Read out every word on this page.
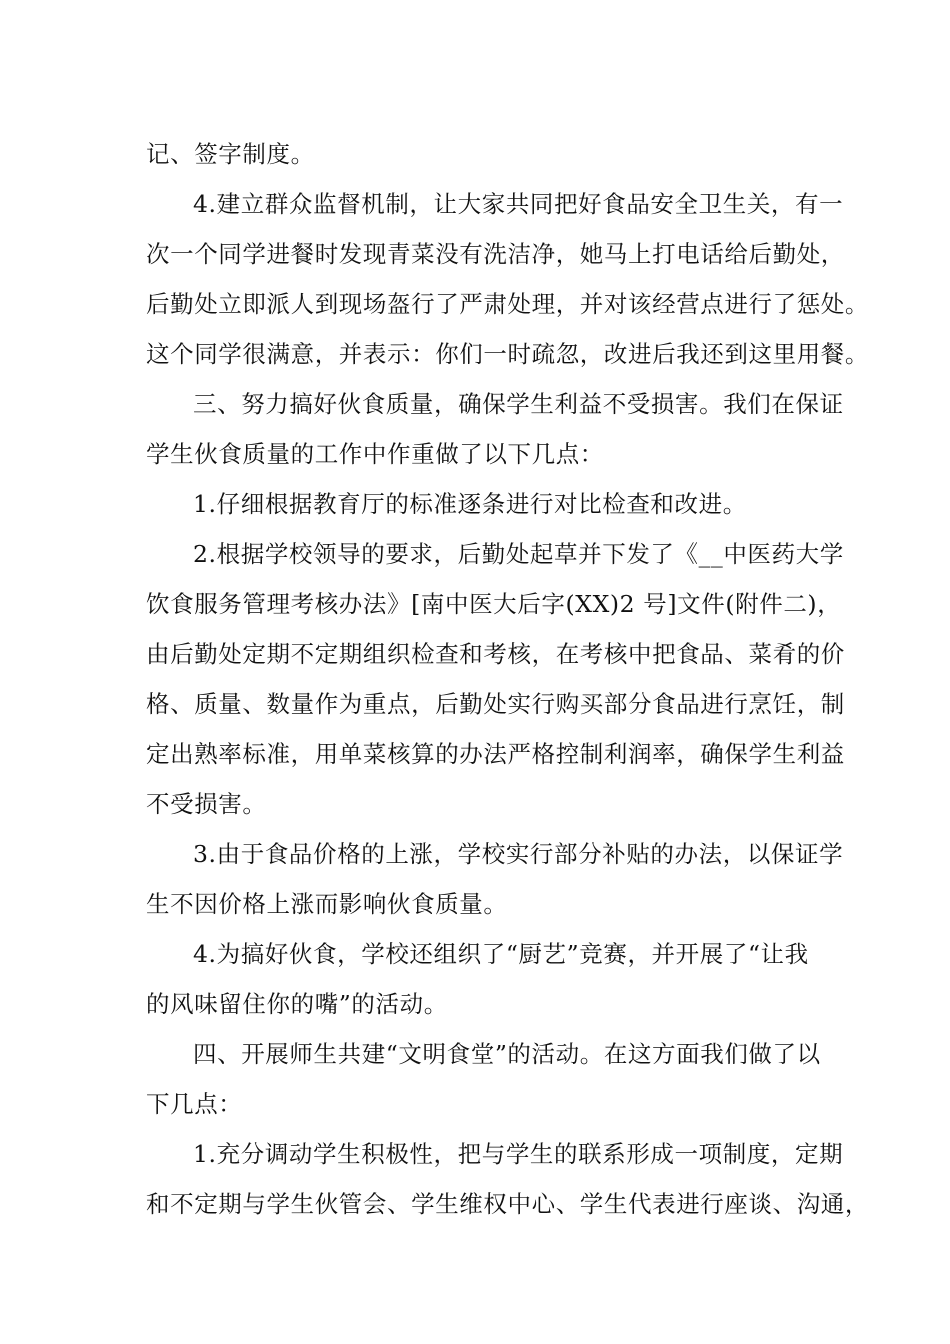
记、签字制度。
4.建立群众监督机制，让大家共同把好食品安全卫生关，有一
次一个同学进餐时发现青菜没有洗洁净，她马上打电话给后勤处，
后勤处立即派人到现场盔行了严肃处理，并对该经营点进行了惩处。
这个同学很满意，并表示：你们一时疏忽，改进后我还到这里用餐。
三、努力搞好伙食质量，确保学生利益不受损害。我们在保证
学生伙食质量的工作中作重做了以下几点：
1.仔细根据教育厅的标准逐条进行对比检查和改进。
2.根据学校领导的要求，后勤处起草并下发了《__中医药大学
饮食服务管理考核办法》[南中医大后字(XX)2 号]文件(附件二)，
由后勤处定期不定期组织检查和考核，在考核中把食品、菜肴的价
格、质量、数量作为重点，后勤处实行购买部分食品进行烹饪，制
定出熟率标准，用单菜核算的办法严格控制利润率，确保学生利益
不受损害。
3.由于食品价格的上涨，学校实行部分补贴的办法，以保证学
生不因价格上涨而影响伙食质量。
4.为搞好伙食，学校还组织了“厨艺”竞赛，并开展了“让我
的风味留住你的嘴”的活动。
四、开展师生共建“文明食堂”的活动。在这方面我们做了以
下几点：
1.充分调动学生积极性，把与学生的联系形成一项制度，定期
和不定期与学生伙管会、学生维权中心、学生代表进行座谈、沟通，
